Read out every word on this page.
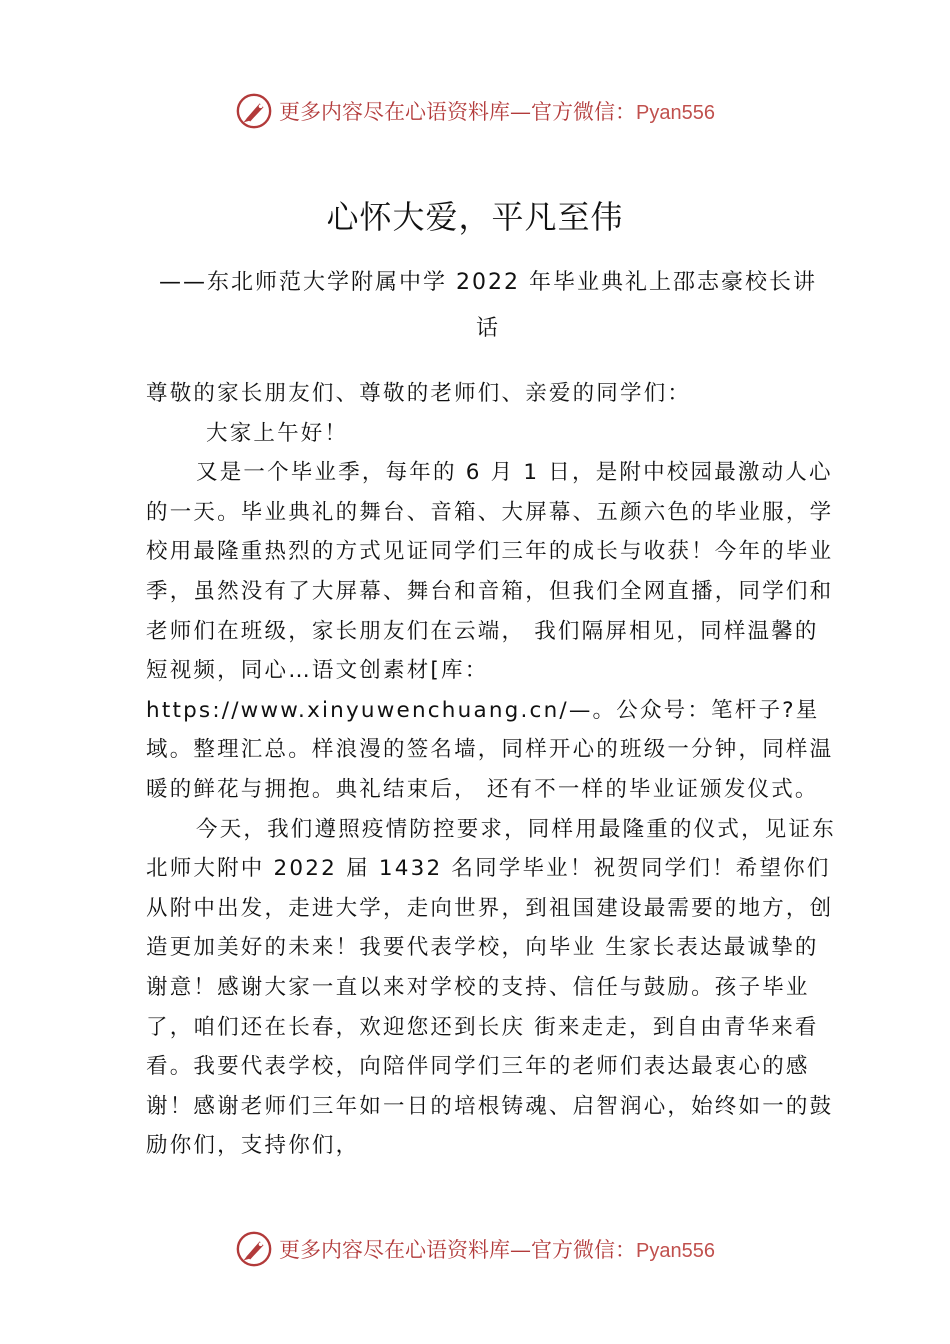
更多内容尽在心语资料库—官方微信：Pyan556
心怀大爱，平凡至伟
——东北师范大学附属中学 2022 年毕业典礼上邵志豪校长讲话

尊敬的家长朋友们、尊敬的老师们、亲爱的同学们：

大家上午好！

又是一个毕业季，每年的 6 月 1 日，是附中校园最激动人心的一天。毕业典礼的舞台、音箱、大屏幕、五颜六色的毕业服，学校用最隆重热烈的方式见证同学们三年的成长与收获！今年的毕业季，虽然没有了大屏幕、舞台和音箱，但我们全网直播，同学们和老师们在班级，家长朋友们在云端， 我们隔屏相见，同样温馨的短视频，同心…语文创素材[库：https://www.xinyuwenchuang.cn/—。公众号：笔杆子?星域。整理汇总。样浪漫的签名墙，同样开心的班级一分钟，同样温暖的鲜花与拥抱。典礼结束后， 还有不一样的毕业证颁发仪式。

今天，我们遵照疫情防控要求，同样用最隆重的仪式，见证东北师大附中 2022 届 1432 名同学毕业！祝贺同学们！希望你们从附中出发，走进大学，走向世界，到祖国建设最需要的地方，创造更加美好的未来！我要代表学校，向毕业 生家长表达最诚挚的谢意！感谢大家一直以来对学校的支持、信任与鼓励。孩子毕业了，咱们还在长春，欢迎您还到长庆 街来走走，到自由青华来看看。我要代表学校，向陪伴同学们三年的老师们表达最衷心的感谢！感谢老师们三年如一日的培根铸魂、启智润心，始终如一的鼓励你们，支持你们，

更多内容尽在心语资料库—官方微信：Pyan556
